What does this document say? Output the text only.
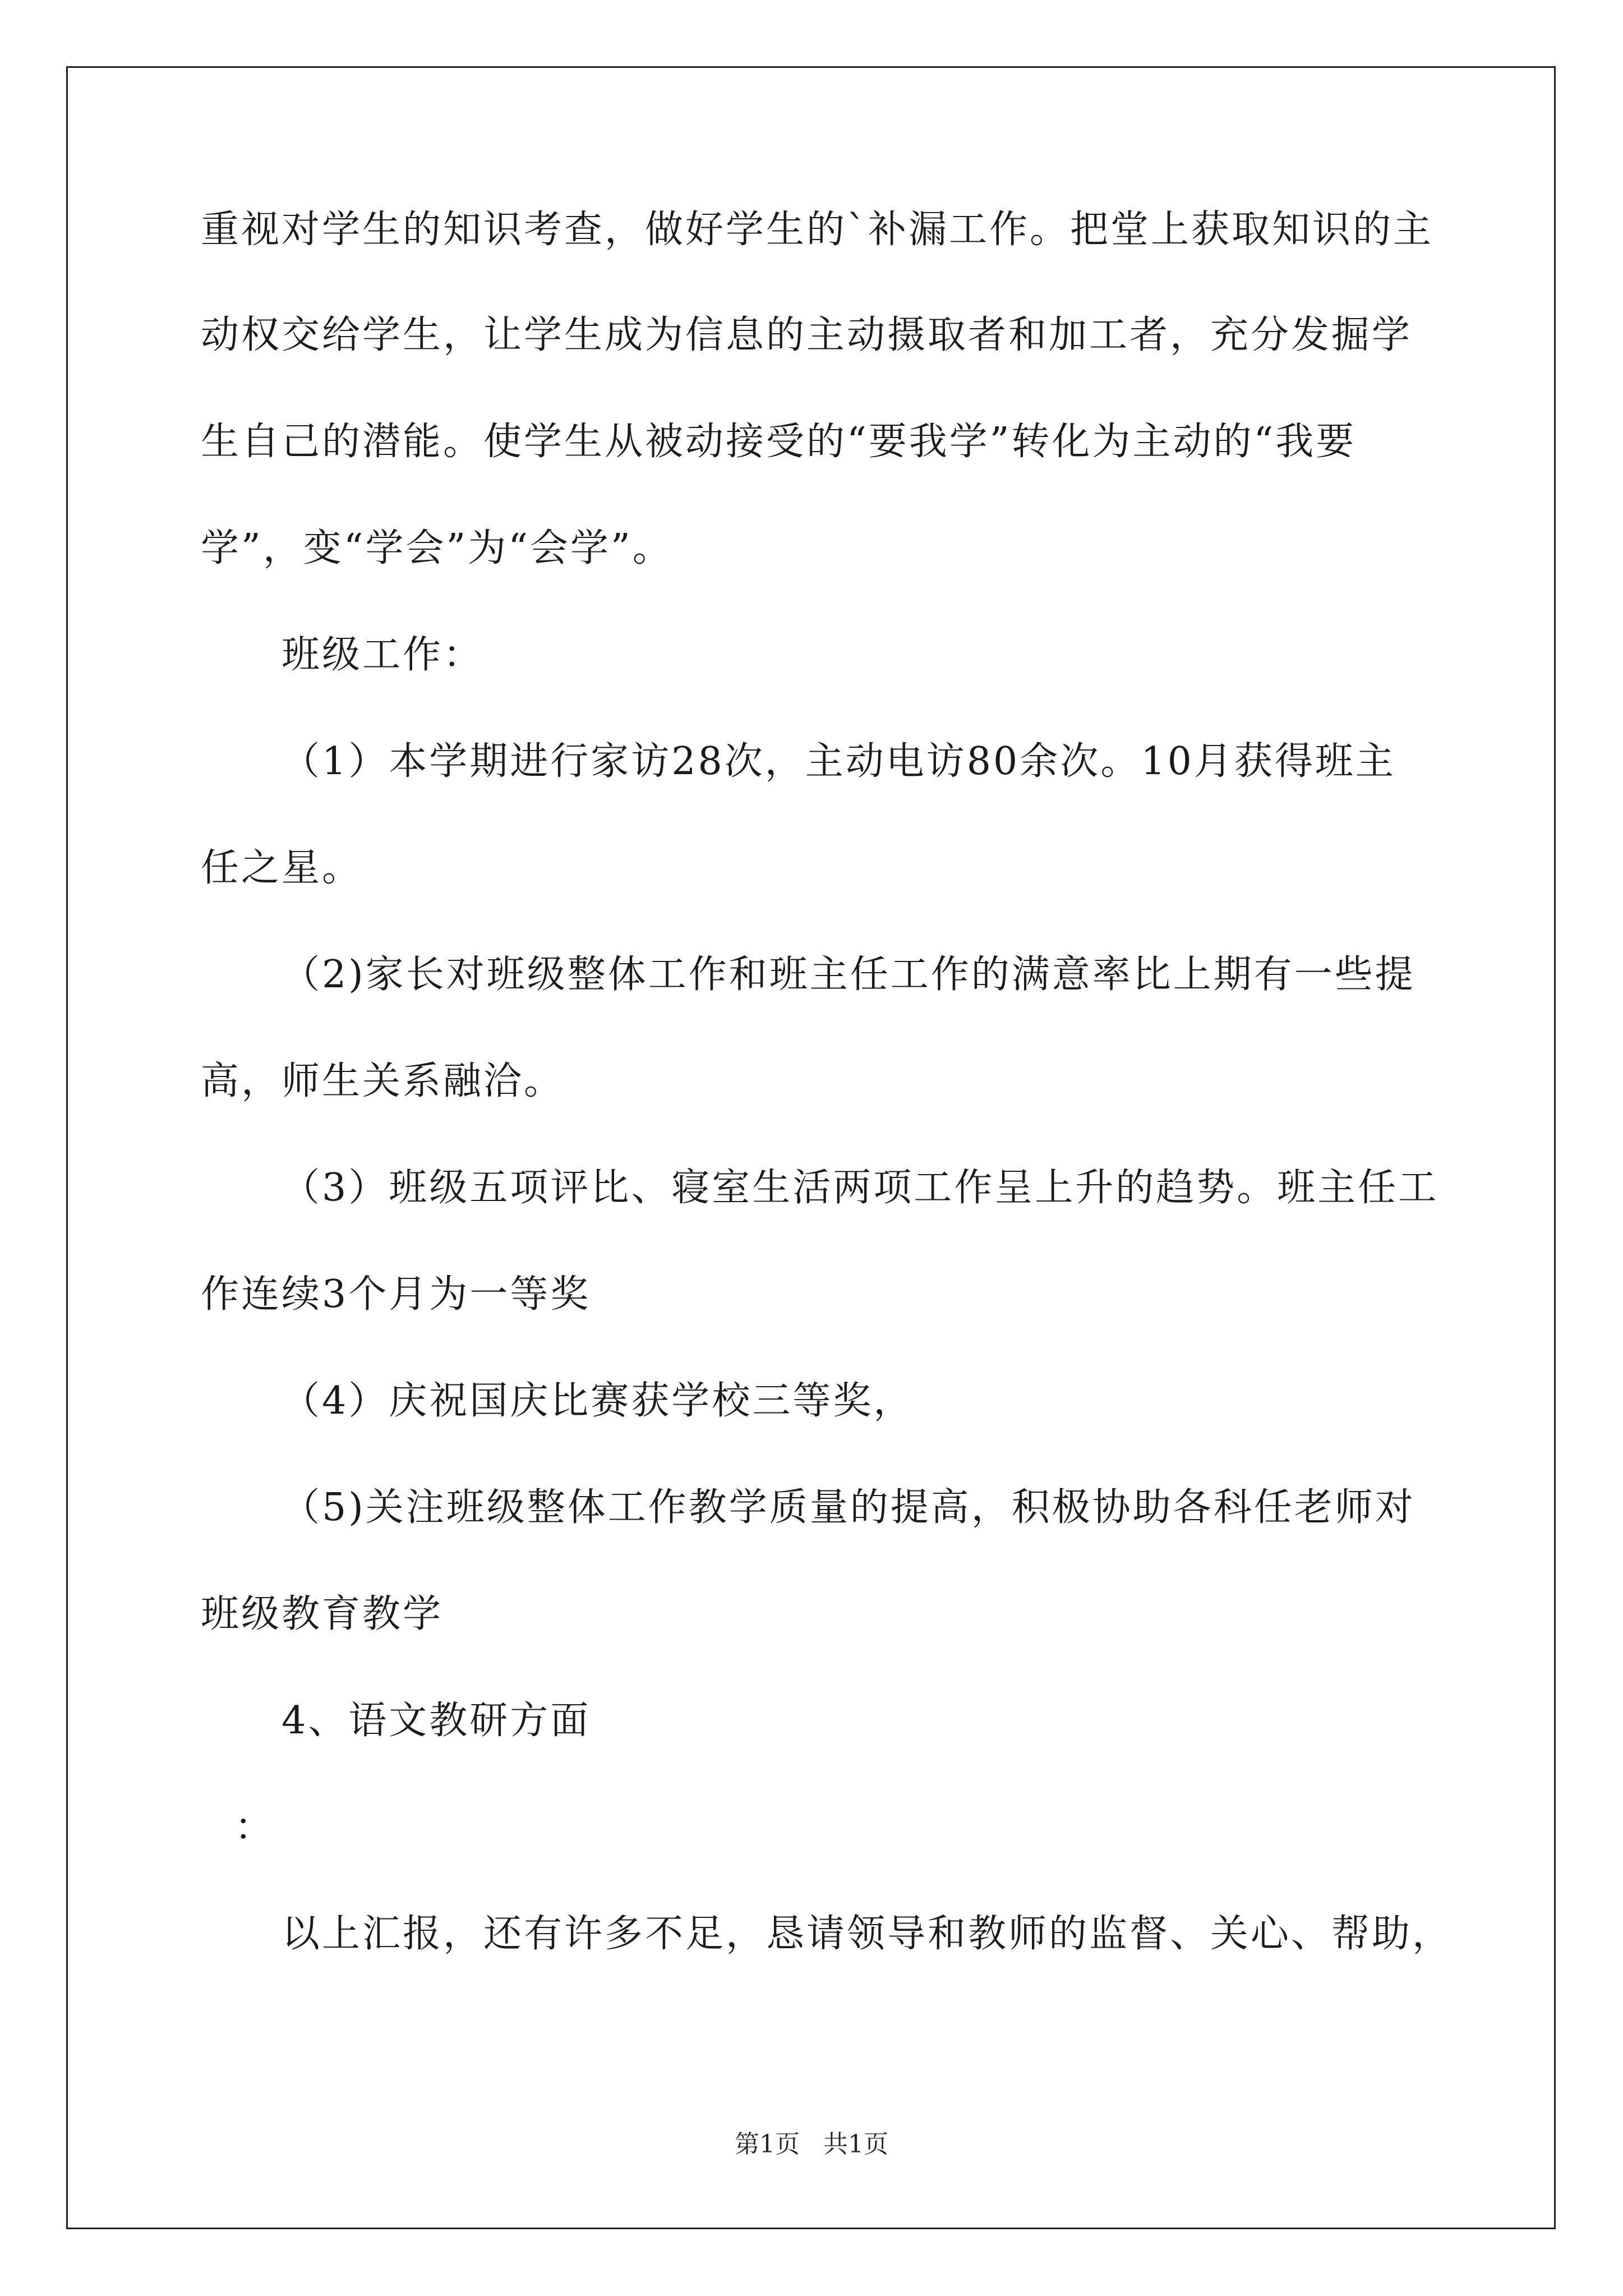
重视对学生的知识考查，做好学生的`补漏工作。把堂上获取知识的主
动权交给学生，让学生成为信息的主动摄取者和加工者，充分发掘学
生自己的潜能。使学生从被动接受的“要我学”转化为主动的“我要
学”，变“学会”为“会学”。
班级工作：
（1）本学期进行家访28次，主动电访80余次。10月获得班主
任之星。
（2)家长对班级整体工作和班主任工作的满意率比上期有一些提
高，师生关系融洽。
（3）班级五项评比、寝室生活两项工作呈上升的趋势。班主任工
作连续3个月为一等奖
（4）庆祝国庆比赛获学校三等奖，
（5)关注班级整体工作教学质量的提高，积极协助各科任老师对
班级教育教学
4、语文教研方面
：
以上汇报，还有许多不足，恳请领导和教师的监督、关心、帮助，
第1页 共1页
